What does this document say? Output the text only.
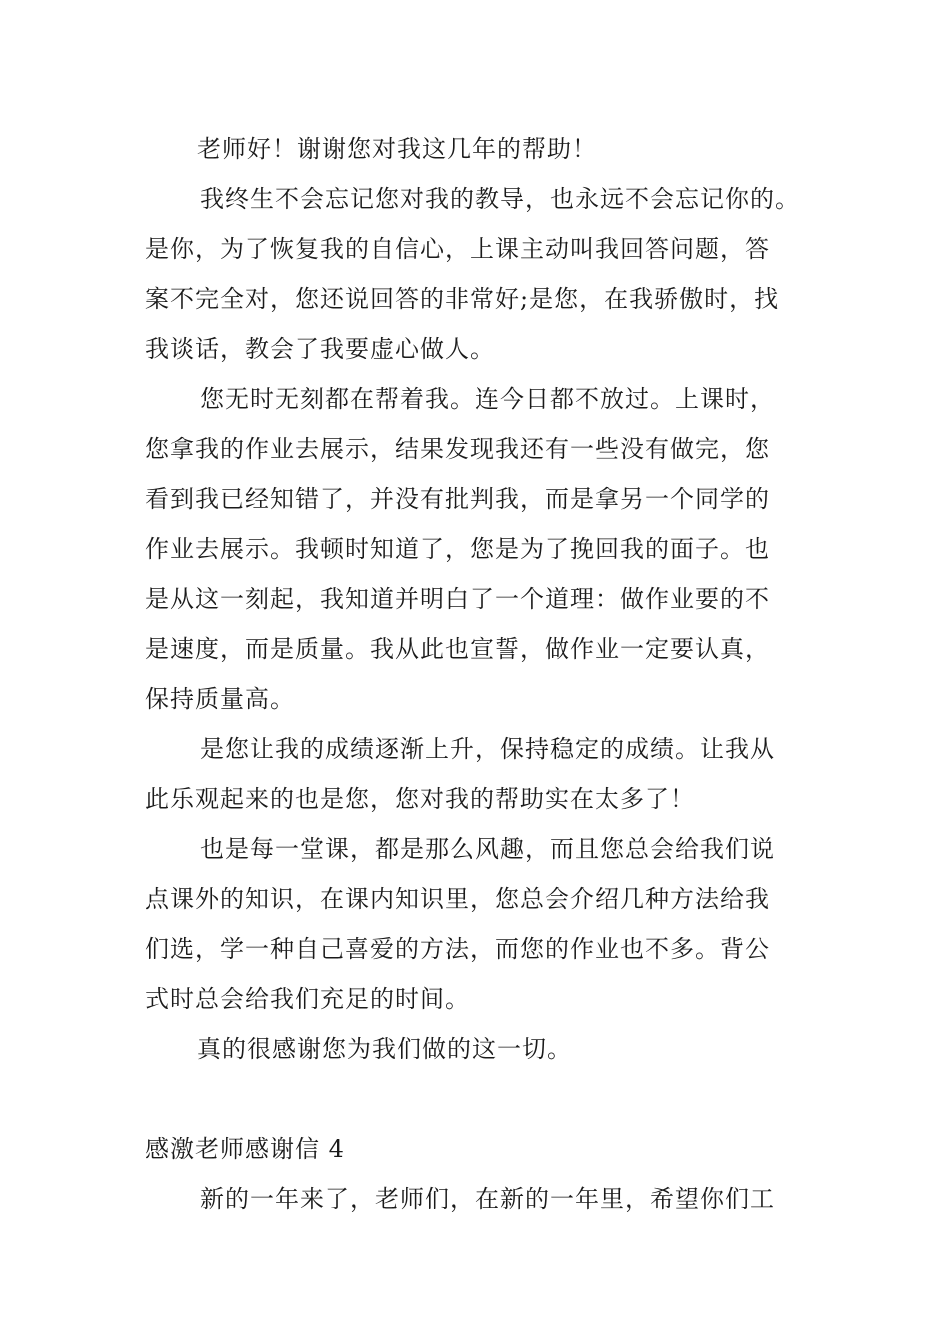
老师好！谢谢您对我这几年的帮助！
我终生不会忘记您对我的教导，也永远不会忘记你的。
是你，为了恢复我的自信心，上课主动叫我回答问题，答
案不完全对，您还说回答的非常好;是您，在我骄傲时，找
我谈话，教会了我要虚心做人。
您无时无刻都在帮着我。连今日都不放过。上课时，
您拿我的作业去展示，结果发现我还有一些没有做完，您
看到我已经知错了，并没有批判我，而是拿另一个同学的
作业去展示。我顿时知道了，您是为了挽回我的面子。也
是从这一刻起，我知道并明白了一个道理：做作业要的不
是速度，而是质量。我从此也宣誓，做作业一定要认真，
保持质量高。
是您让我的成绩逐渐上升，保持稳定的成绩。让我从
此乐观起来的也是您，您对我的帮助实在太多了！
也是每一堂课，都是那么风趣，而且您总会给我们说
点课外的知识，在课内知识里，您总会介绍几种方法给我
们选，学一种自己喜爱的方法，而您的作业也不多。背公
式时总会给我们充足的时间。
真的很感谢您为我们做的这一切。
感激老师感谢信 4
新的一年来了，老师们，在新的一年里，希望你们工
